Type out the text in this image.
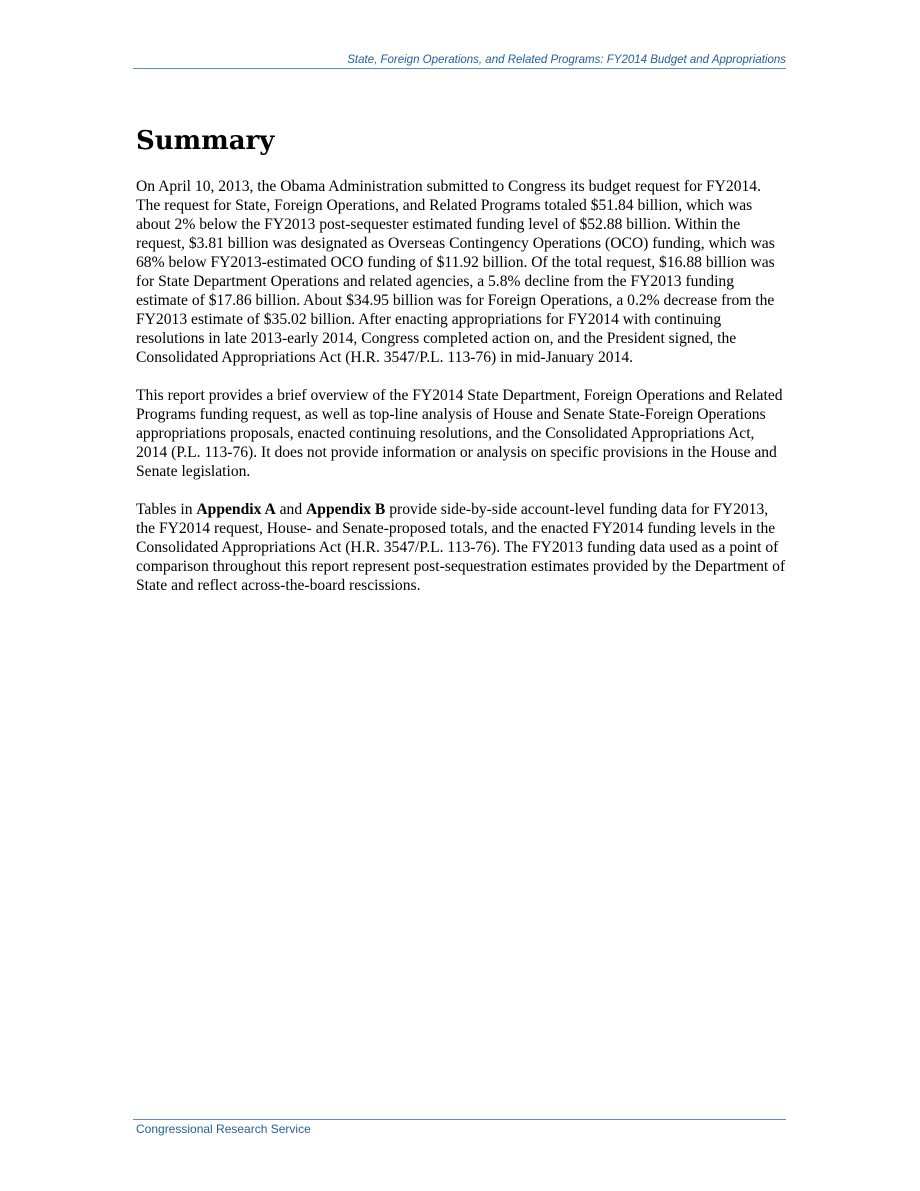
State, Foreign Operations, and Related Programs: FY2014 Budget and Appropriations
Summary

On April 10, 2013, the Obama Administration submitted to Congress its budget request for FY2014. The request for State, Foreign Operations, and Related Programs totaled $51.84 billion, which was about 2% below the FY2013 post-sequester estimated funding level of $52.88 billion. Within the request, $3.81 billion was designated as Overseas Contingency Operations (OCO) funding, which was 68% below FY2013-estimated OCO funding of $11.92 billion. Of the total request, $16.88 billion was for State Department Operations and related agencies, a 5.8% decline from the FY2013 funding estimate of $17.86 billion. About $34.95 billion was for Foreign Operations, a 0.2% decrease from the FY2013 estimate of $35.02 billion. After enacting appropriations for FY2014 with continuing resolutions in late 2013-early 2014, Congress completed action on, and the President signed, the Consolidated Appropriations Act (H.R. 3547/P.L. 113-76) in mid-January 2014.

This report provides a brief overview of the FY2014 State Department, Foreign Operations and Related Programs funding request, as well as top-line analysis of House and Senate State-Foreign Operations appropriations proposals, enacted continuing resolutions, and the Consolidated Appropriations Act, 2014 (P.L. 113-76). It does not provide information or analysis on specific provisions in the House and Senate legislation.

Tables in Appendix A and Appendix B provide side-by-side account-level funding data for FY2013, the FY2014 request, House- and Senate-proposed totals, and the enacted FY2014 funding levels in the Consolidated Appropriations Act (H.R. 3547/P.L. 113-76). The FY2013 funding data used as a point of comparison throughout this report represent post-sequestration estimates provided by the Department of State and reflect across-the-board rescissions.

Congressional Research Service
